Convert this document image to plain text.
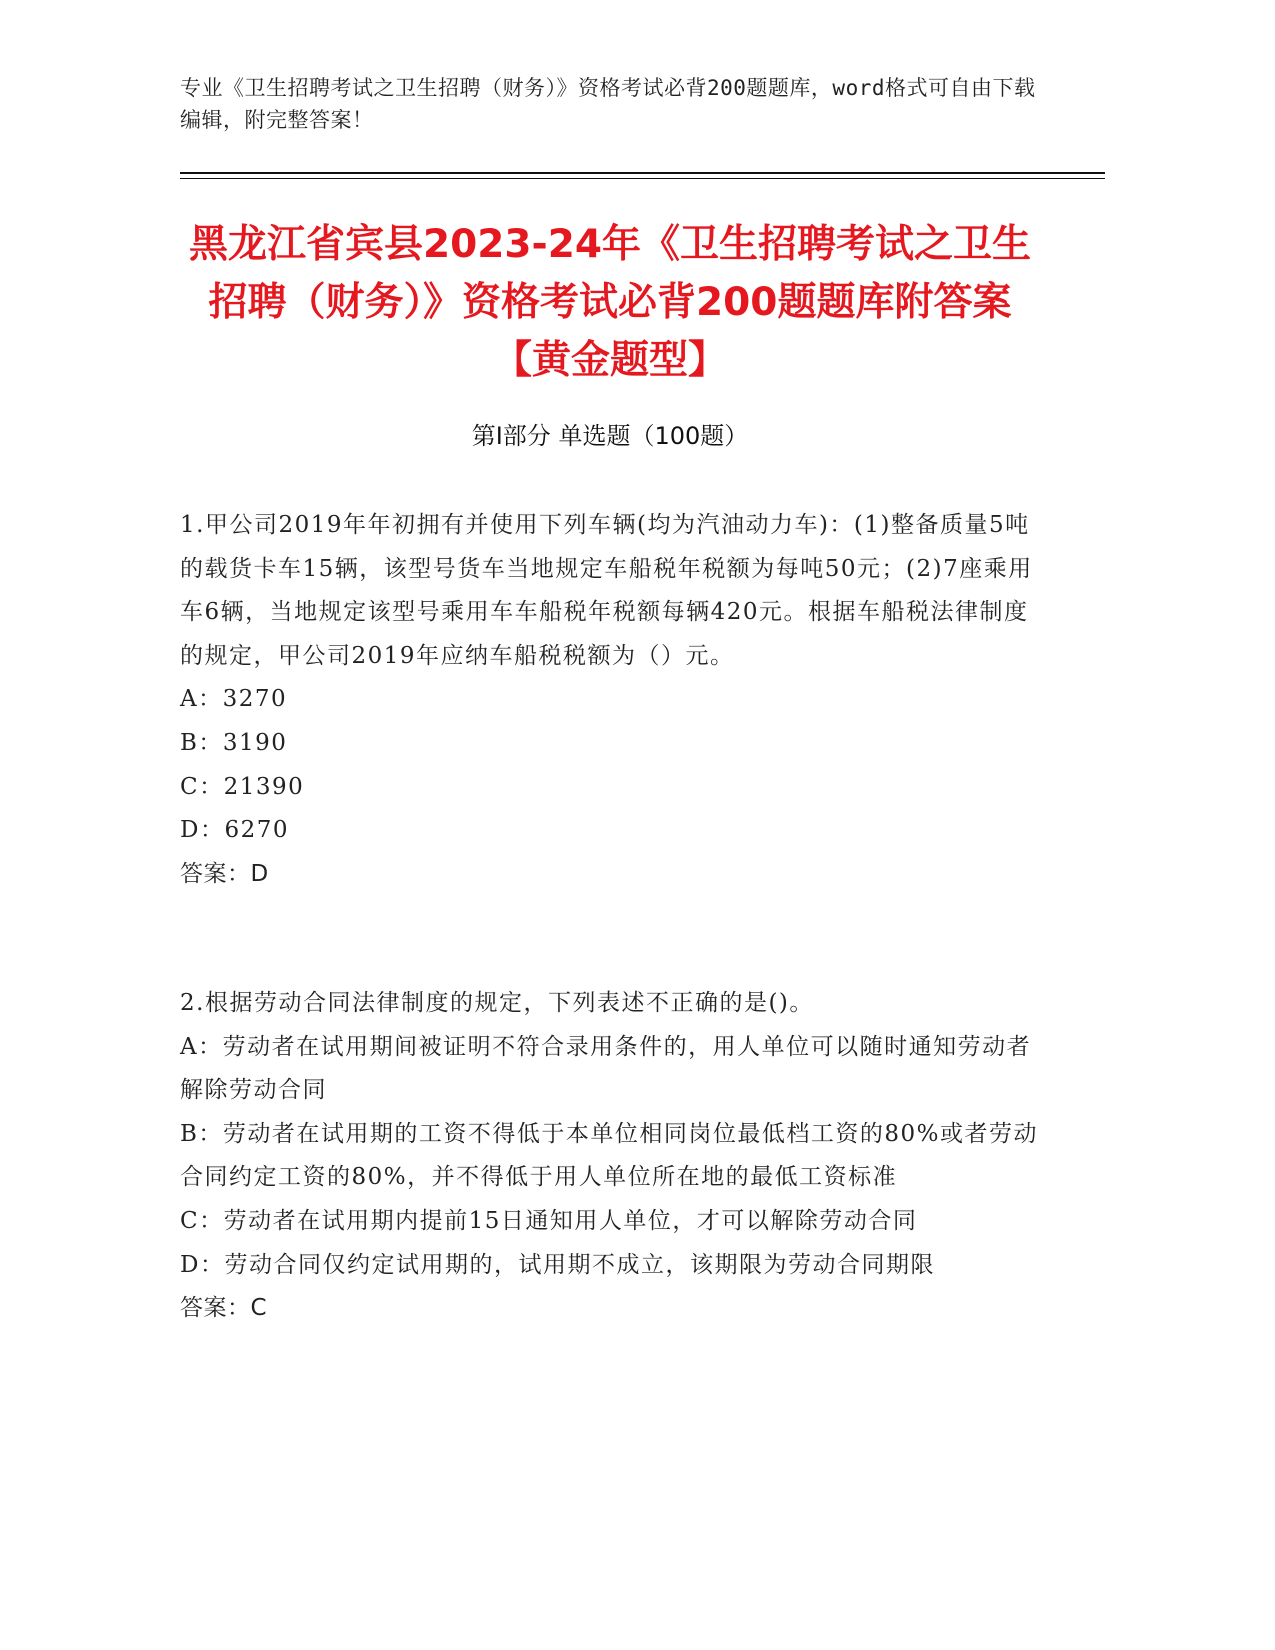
专业《卫生招聘考试之卫生招聘（财务）》资格考试必背200题题库，word格式可自由下载编辑，附完整答案！
黑龙江省宾县2023-24年《卫生招聘考试之卫生招聘（财务）》资格考试必背200题题库附答案【黄金题型】
第Ⅰ部分 单选题（100题）

1.甲公司2019年年初拥有并使用下列车辆(均为汽油动力车)：(1)整备质量5吨的载货卡车15辆，该型号货车当地规定车船税年税额为每吨50元；(2)7座乘用车6辆，当地规定该型号乘用车车船税年税额每辆420元。根据车船税法律制度的规定，甲公司2019年应纳车船税税额为（）元。

A：3270

B：3190

C：21390

D：6270

答案：D

2.根据劳动合同法律制度的规定，下列表述不正确的是()。

A：劳动者在试用期间被证明不符合录用条件的，用人单位可以随时通知劳动者解除劳动合同

B：劳动者在试用期的工资不得低于本单位相同岗位最低档工资的80%或者劳动合同约定工资的80%，并不得低于用人单位所在地的最低工资标准

C：劳动者在试用期内提前15日通知用人单位，才可以解除劳动合同

D：劳动合同仅约定试用期的，试用期不成立，该期限为劳动合同期限

答案：C
